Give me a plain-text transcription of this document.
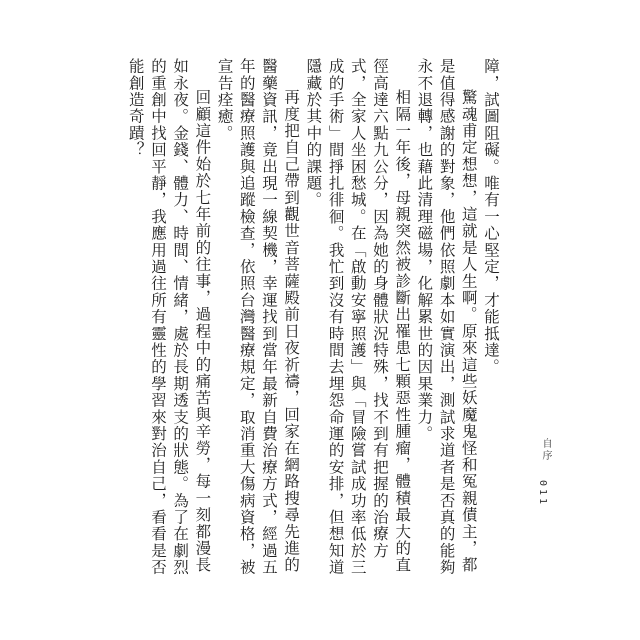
障，試圖阻礙。唯有一心堅定，才能抵達。

驚魂甫定想想，這就是人生啊。原來這些妖魔鬼怪和冤親債主，都是值得感謝的對象，他們依照劇本如實演出，測試求道者是否真的能夠永不退轉，也藉此清理磁場，化解累世的因果業力。

相隔一年後，母親突然被診斷出罹患七顆惡性腫瘤，體積最大的直徑高達六點九公分，因為她的身體狀況特殊，找不到有把握的治療方式，全家人坐困愁城。在「啟動安寧照護」與「冒險嘗試成功率低於三成的手術」間掙扎徘徊。我忙到沒有時間去埋怨命運的安排，但想知道隱藏於其中的課題。

再度把自己帶到觀世音菩薩殿前日夜祈禱，回家在網路搜尋先進的醫藥資訊，竟出現一線契機，幸運找到當年最新自費治療方式，經過五年的醫療照護與追蹤檢查，依照台灣醫療規定，取消重大傷病資格，被宣告痊癒。

回顧這件始於七年前的往事，過程中的痛苦與辛勞，每一刻都漫長如永夜。金錢、體力、時間、情緒，處於長期透支的狀態。為了在劇烈的重創中找回平靜，我應用過往所有靈性的學習來對治自己，看看是否能創造奇蹟？

自序
011
